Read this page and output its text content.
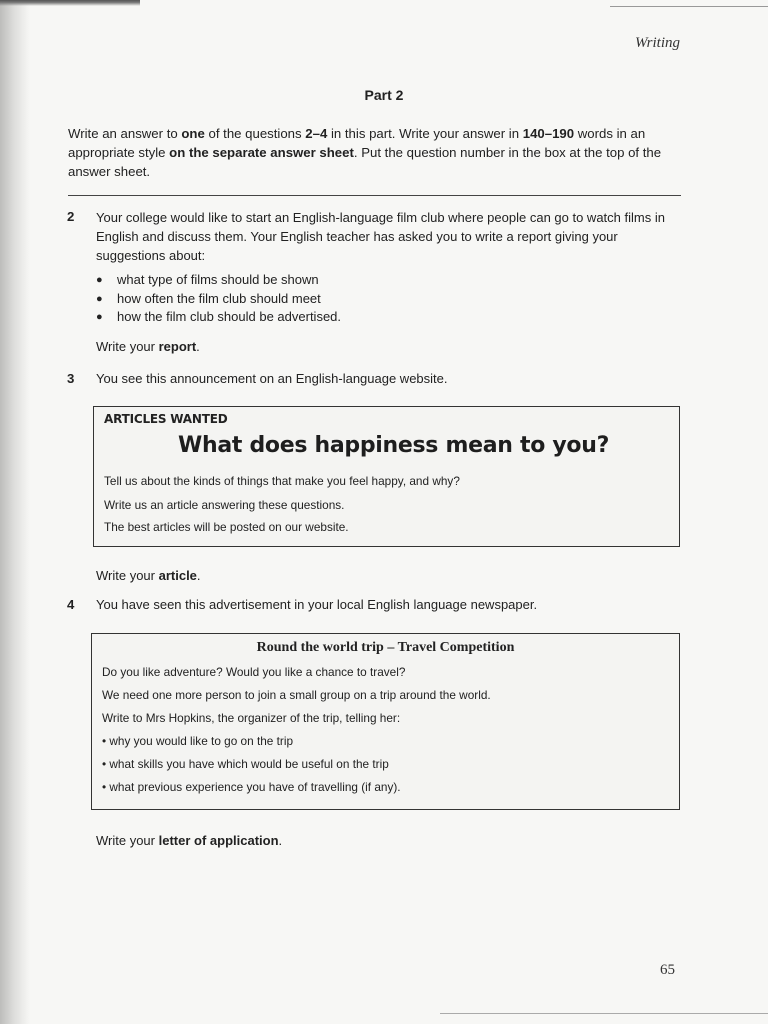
Writing
Part 2
Write an answer to one of the questions 2–4 in this part. Write your answer in 140–190 words in an appropriate style on the separate answer sheet. Put the question number in the box at the top of the answer sheet.
2 Your college would like to start an English-language film club where people can go to watch films in English and discuss them. Your English teacher has asked you to write a report giving your suggestions about:
● what type of films should be shown
● how often the film club should meet
● how the film club should be advertised.
Write your report.
3 You see this announcement on an English-language website.
ARTICLES WANTED
What does happiness mean to you?
Tell us about the kinds of things that make you feel happy, and why?
Write us an article answering these questions.
The best articles will be posted on our website.
Write your article.
4 You have seen this advertisement in your local English language newspaper.
Round the world trip – Travel Competition
Do you like adventure? Would you like a chance to travel?
We need one more person to join a small group on a trip around the world.
Write to Mrs Hopkins, the organizer of the trip, telling her:
• why you would like to go on the trip
• what skills you have which would be useful on the trip
• what previous experience you have of travelling (if any).
Write your letter of application.
65
